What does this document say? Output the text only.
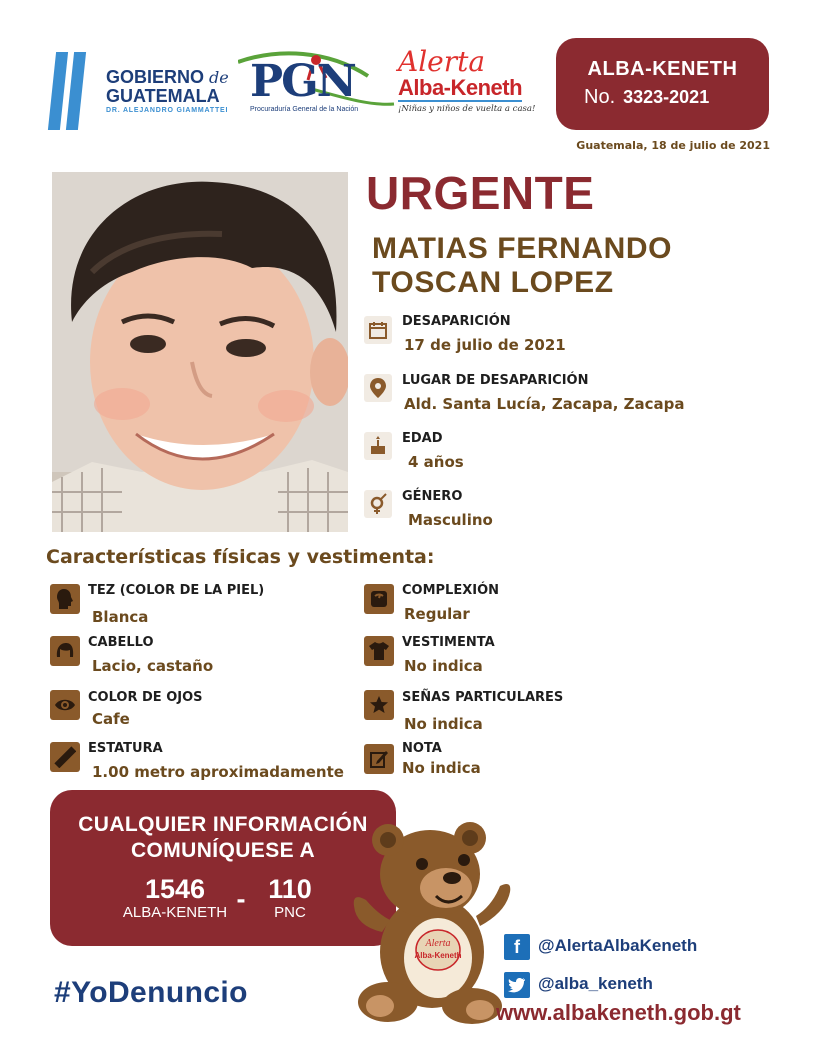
GOBIERNO de
GUATEMALA
DR. ALEJANDRO GIAMMATTEI
PGN
Procuraduría General de la Nación
Alerta
Alba-Keneth
¡Niñas y niños de vuelta a casa!
ALBA-KENETH
No. 3323-2021
Guatemala, 18 de julio de 2021
URGENTE
MATIAS FERNANDO
TOSCAN LOPEZ
DESAPARICIÓN
17 de julio de 2021
LUGAR DE DESAPARICIÓN
Ald. Santa Lucía, Zacapa, Zacapa
EDAD
4 años
GÉNERO
Masculino
Características físicas y vestimenta:
TEZ (COLOR DE LA PIEL)
Blanca
CABELLO
Lacio, castaño
COLOR DE OJOS
Cafe
ESTATURA
1.00 metro aproximadamente
COMPLEXIÓN
Regular
VESTIMENTA
No indica
SEÑAS PARTICULARES
No indica
NOTA
No indica
CUALQUIER INFORMACIÓN
COMUNÍQUESE A
1546
ALBA-KENETH - 110
PNC
Alerta
Alba-Keneth
#YoDenuncio
f	@AlertaAlbaKeneth
@alba_keneth
www.albakeneth.gob.gt
